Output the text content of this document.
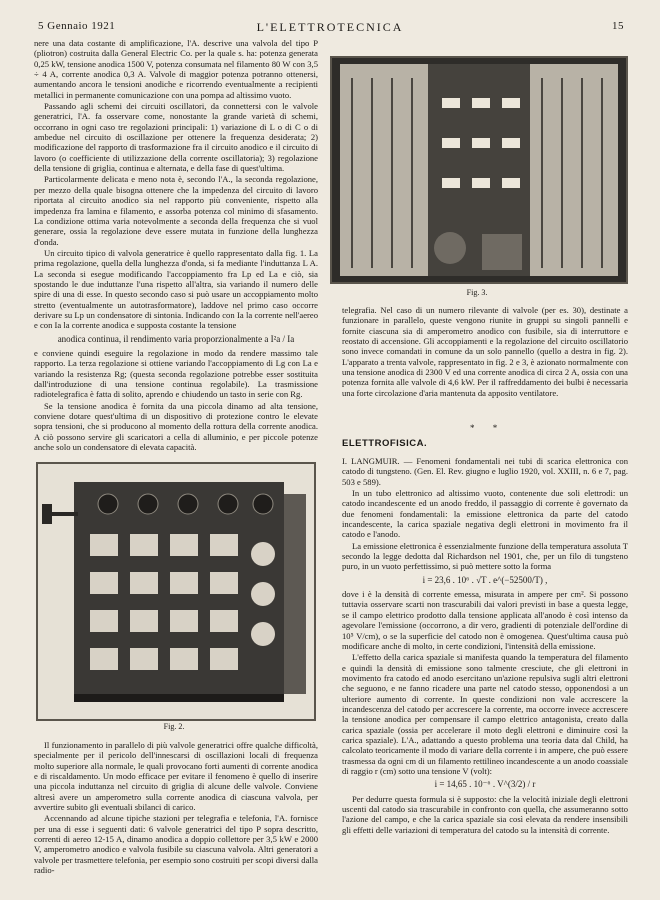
5 Gennaio 1921	L'ELETTROTECNICA	15

nere una data costante di amplificazione, l'A. descrive una valvola del tipo P (pliotron) costruita dalla General Electric Co. per la quale s. ha: potenza generata 0,25 kW, tensione anodica 1500 V, potenza consumata nel filamento 80 W con 3,5 ÷ 4 A, corrente anodica 0,3 A. Valvole di maggior potenza potranno ottenersi, aumentando ancora le tensioni anodiche e ricorrendo eventualmente a recipienti metallici in permanente comunicazione con una pompa ad altissimo vuoto.

Passando agli schemi dei circuiti oscillatori, da connettersi con le valvole generatrici, l'A. fa osservare come, nonostante la grande varietà di schemi, occorrano in ogni caso tre regolazioni principali: 1) variazione di L o di C o di ambedue nel circuito di oscillazione per ottenere la frequenza desiderata; 2) modificazione del rapporto di trasformazione fra il circuito anodico e il circuito di lavoro (o coefficiente di utilizzazione della corrente oscillatoria); 3) regolazione della tensione di griglia, continua e alternata, e della fase di quest'ultima.

Particolarmente delicata e meno nota è, secondo l'A., la seconda regolazione, per mezzo della quale bisogna ottenere che la impedenza del circuito di lavoro riportata al circuito anodico sia nel rapporto più conveniente, rispetto alla impedenza fra lamina e filamento, e assorba potenza col minimo di sfasamento. La condizione ottima varia notevolmente a seconda della frequenza che si vuol generare, ossia la regolazione deve essere mutata in funzione della lunghezza d'onda.

Un circuito tipico di valvola generatrice è quello rappresentato dalla fig. 1. La prima regolazione, quella della lunghezza d'onda, si fa mediante l'induttanza L A. La seconda si esegue modificando l'accoppiamento fra Lp ed La e ciò, sia spostando le due induttanze l'una rispetto all'altra, sia variando il numero delle spire di una di esse. In questo secondo caso si può usare un accoppiamento molto stretto (eventualmente un autotrasformatore), laddove nel primo caso occorre derivare su Lp un condensatore di sintonia. Indicando con Ia la corrente nell'aereo e con Ia la corrente anodica e supposta costante la tensione

anodica continua, il rendimento varia proporzionalmente a I²a / Ia

e conviene quindi eseguire la regolazione in modo da rendere massimo tale rapporto. La terza regolazione si ottiene variando l'accoppiamento di Lg con La e variando la resistenza Rg; (questa seconda regolazione potrebbe esser sostituita dall'introduzione di una tensione continua regolabile). La trasmissione radiotelegrafica è fatta di solito, aprendo e chiudendo un tasto in serie con Rg.

Se la tensione anodica è fornita da una piccola dinamo ad alta tensione, conviene dotare quest'ultima di un dispositivo di protezione contro le elevate sopra tensioni, che si producono al momento della rottura della corrente anodica. A ciò possono servire gli scaricatori a cella di alluminio, e per piccole potenze anche solo un condensatore di elevata capacità.

Fig. 2.

Il funzionamento in parallelo di più valvole generatrici offre qualche difficoltà, specialmente per il pericolo dell'innescarsi di oscillazioni locali di frequenza molto superiore alla normale, le quali provocano forti aumenti di corrente anodica e di riscaldamento. Un modo efficace per evitare il fenomeno è quello di inserire una piccola induttanza nel circuito di griglia di alcune delle valvole. Conviene altresì avere un amperometro sulla corrente anodica di ciascuna valvola, per avvertire subito gli eventuali sbilanci di carico.

Accennando ad alcune tipiche stazioni per telegrafia e telefonia, l'A. fornisce per una di esse i seguenti dati: 6 valvole generatrici del tipo P sopra descritto, correnti di aereo 12-15 A, dinamo anodica a doppio collettore per 3,5 kW e 2000 V, amperometro anodico e valvola fusibile su ciascuna valvola. Altri generatori a valvole per trasmettere telefonia, per esempio sono costruiti per scopi diversi dalla radio-

Fig. 3.

telegrafia. Nel caso di un numero rilevante di valvole (per es. 30), destinate a funzionare in parallelo, queste vengono riunite in gruppi su singoli pannelli e fornite ciascuna sia di amperometro anodico con fusibile, sia di interruttore e reostato di accensione. Gli accoppiamenti e la regolazione del circuito oscillatorio sono invece comandati in comune da un solo pannello (quello a destra in fig. 2). L'apparato a trenta valvole, rappresentato in fig. 2 e 3, è azionato normalmente con una tensione anodica di 2300 V ed una corrente anodica di circa 2 A, ossia con una potenza fornita alle valvole di 4,6 kW. Per il raffreddamento dei bulbi è necessaria una forte circolazione d'aria mantenuta da apposito ventilatore.

* *
ELETTROFISICA.

I. LANGMUIR. — Fenomeni fondamentali nei tubi di scarica elettronica con catodo di tungsteno. (Gen. El. Rev. giugno e luglio 1920, vol. XXIII, n. 6 e 7, pag. 503 e 589).

In un tubo elettronico ad altissimo vuoto, contenente due soli elettrodi: un catodo incandescente ed un anodo freddo, il passaggio di corrente è governato da due fenomeni fondamentali: la emissione elettronica da parte del catodo incandescente, la carica spaziale negativa degli elettroni in movimento fra il catodo e l'anodo.

La emissione elettronica è essenzialmente funzione della temperatura assoluta T secondo la legge dedotta dal Richardson nel 1901, che, per un filo di tungsteno puro, in un vuoto perfettissimo, si può mettere sotto la forma

i = 23,6 . 10⁶ . √T . e^(−52500/T) ,

dove i è la densità di corrente emessa, misurata in ampere per cm². Si possono tuttavia osservare scarti non trascurabili dai valori previsti in base a questa legge, se il campo elettrico prodotto dalla tensione applicata all'anodo è così intenso da agevolare l'emissione (occorrono, a dir vero, gradienti di potenziale dell'ordine di 10⁵ V/cm), o se la superficie del catodo non è omogenea. Quest'ultima causa può modificare anche di molto, in certe condizioni, l'intensità della emissione.

L'effetto della carica spaziale si manifesta quando la temperatura del filamento e quindi la densità di emissione sono talmente cresciute, che gli elettroni in movimento fra catodo ed anodo esercitano un'azione repulsiva sugli altri elettroni che seguono, e ne fanno ricadere una parte nel catodo stesso, opponendosi a un ulteriore aumento di corrente. In queste condizioni non vale accrescere la incandescenza del catodo per accrescere la corrente, ma occorre invece accrescere la tensione anodica per compensare il campo elettrico antagonista, creato dalla carica spaziale (ossia per accelerare il moto degli elettroni e diminuire così la carica spaziale). L'A., adattando a questo problema una teoria data dal Child, ha calcolato teoricamente il modo di variare della corrente i in ampere, che può essere trasmessa da ogni cm di un filamento rettilineo incandescente a un anodo coassiale di raggio r (cm) sotto una tensione V (volt):

i = 14,65 . 10⁻⁶ . V^(3/2) / r

Per dedurre questa formula si è supposto: che la velocità iniziale degli elettroni uscenti dal catodo sia trascurabile in confronto con quella, che assumeranno sotto l'azione del campo, e che la carica spaziale sia così elevata da rendere insensibili gli effetti delle variazioni di temperatura del catodo su la intensità di corrente.
